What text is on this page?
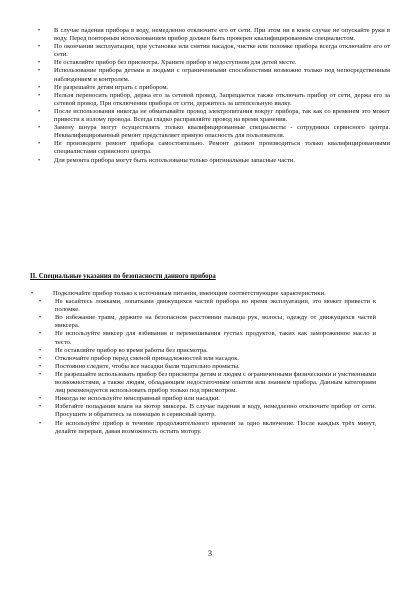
• В случае падения прибора в воду, немедленно отключите его от сети. При этом ни в коем случае не опускайте руки в воду. Перед повторным использованием прибор должен быть проверен квалифицированным специалистом.
• По окончании эксплуатации, при установке или снятии насадок, чистке или поломке прибора всегда отключайте его от сети.
• Не оставляйте прибор без присмотра. Храните прибор в недоступном для детей месте.
• Использование прибора детьми и людьми с ограниченными способностями возможно только под непосредственным наблюдением и контролем.
• Не разрешайте детям играть с прибором.
• Нельзя переносить прибор, держа его за сетевой провод. Запрещается также отключать прибор от сети, держа его за сетевой провод. При отключении прибора от сети, держитесь за штепсельную вилку.
• После использования никогда не обматывайте провод электропитания вокруг прибора, так как со временем это может привести к излому провода. Всегда гладко расправляйте провод на время хранения.
• Замену шнура могут осуществлять только квалифицированные специалисты - сотрудники сервисного центра. Неквалифицированный ремонт представляет прямую опасность для пользователя.
• Не производите ремонт прибора самостоятельно. Ремонт должен производиться только квалифицированными специалистами сервисного центра.
• Для ремонта прибора могут быть использованы только оригинальные запасные части.
II. Специальные указания по безопасности данного прибора
•	Подключайте прибор только к источникам питания, имеющим соответствующие характеристики.
• Не касайтесь ложками, лопатками движущихся частей прибора во время эксплуатации, это может привести к поломке.
• Во избежание травм, держите на безопасном расстоянии пальцы рук, волосы, одежду от движущихся частей миксера.
• Не используйте миксер для взбивания и перемешивания густых продуктов, таких как замороженное масло и тесто.
• Не оставляйте прибор во время работы без присмотра.
• Отключайте прибор перед сменой принадлежностей или насадок.
• Постоянно следите, чтобы все насадки были тщательно промыты.
• Не разрешайте использовать прибор без присмотра детям и людям с ограниченными физическими и умственными возможностями, а также людям, обладающим недостаточным опытом или знанием прибора. Данным категориям лиц рекомендуется использовать прибор только под присмотром.
• Никогда не используйте неисправный прибор или насадки.
• Избегайте попадания влаги на мотор миксера. В случае падения в воду, немедленно отключите прибор от сети. Просушите и обратитесь за помощью в сервисный центр.
• Не используйте прибор в течение продолжительного времени за одно включение. После каждых трёх минут, делайте перерыв, давая возможность остыть мотору.
3
